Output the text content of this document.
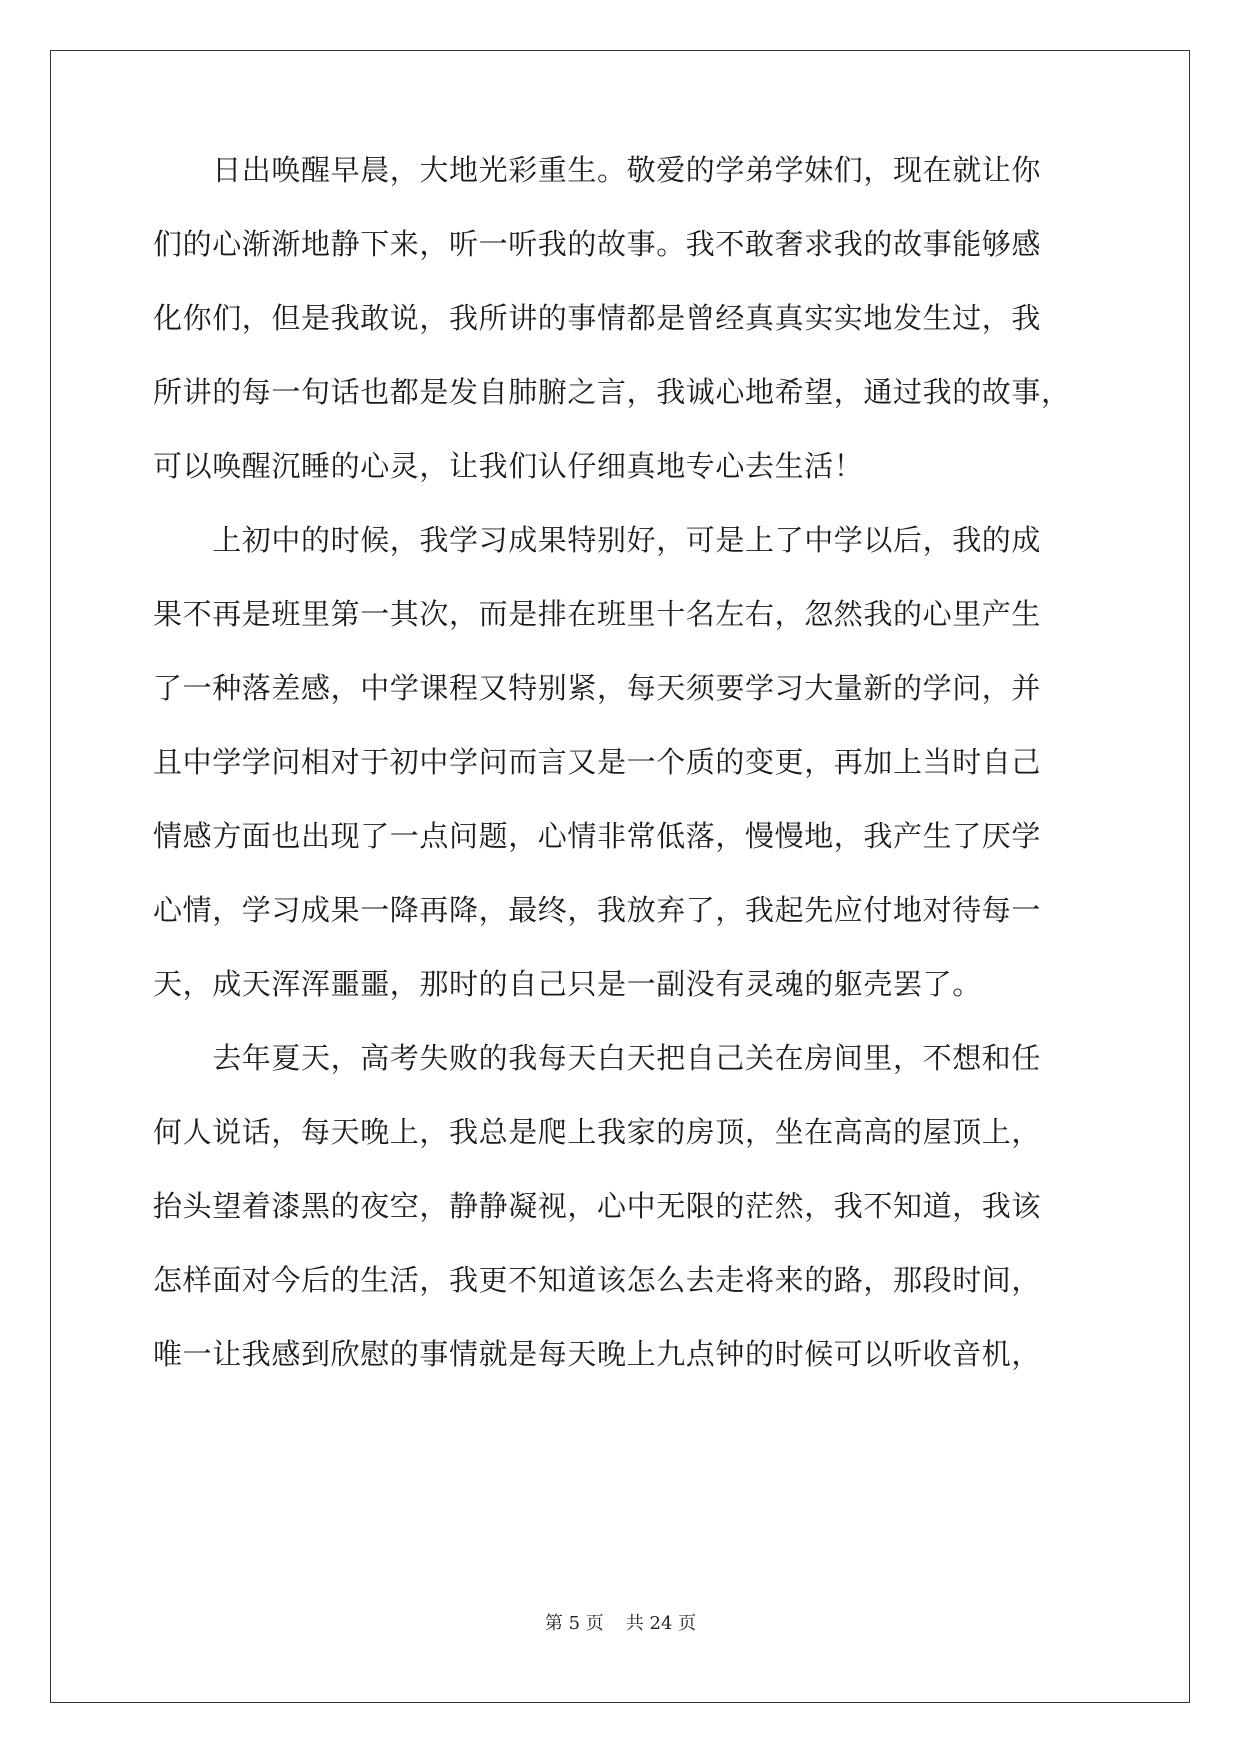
　　日出唤醒早晨，大地光彩重生。敬爱的学弟学妹们，现在就让你
们的心渐渐地静下来，听一听我的故事。我不敢奢求我的故事能够感
化你们，但是我敢说，我所讲的事情都是曾经真真实实地发生过，我
所讲的每一句话也都是发自肺腑之言，我诚心地希望，通过我的故事，
可以唤醒沉睡的心灵，让我们认仔细真地专心去生活！
　　上初中的时候，我学习成果特别好，可是上了中学以后，我的成
果不再是班里第一其次，而是排在班里十名左右，忽然我的心里产生
了一种落差感，中学课程又特别紧，每天须要学习大量新的学问，并
且中学学问相对于初中学问而言又是一个质的变更，再加上当时自己
情感方面也出现了一点问题，心情非常低落，慢慢地，我产生了厌学
心情，学习成果一降再降，最终，我放弃了，我起先应付地对待每一
天，成天浑浑噩噩，那时的自己只是一副没有灵魂的躯壳罢了。
　　去年夏天，高考失败的我每天白天把自己关在房间里，不想和任
何人说话，每天晚上，我总是爬上我家的房顶，坐在高高的屋顶上，
抬头望着漆黑的夜空，静静凝视，心中无限的茫然，我不知道，我该
怎样面对今后的生活，我更不知道该怎么去走将来的路，那段时间，
唯一让我感到欣慰的事情就是每天晚上九点钟的时候可以听收音机，
第 5 页 共 24 页
